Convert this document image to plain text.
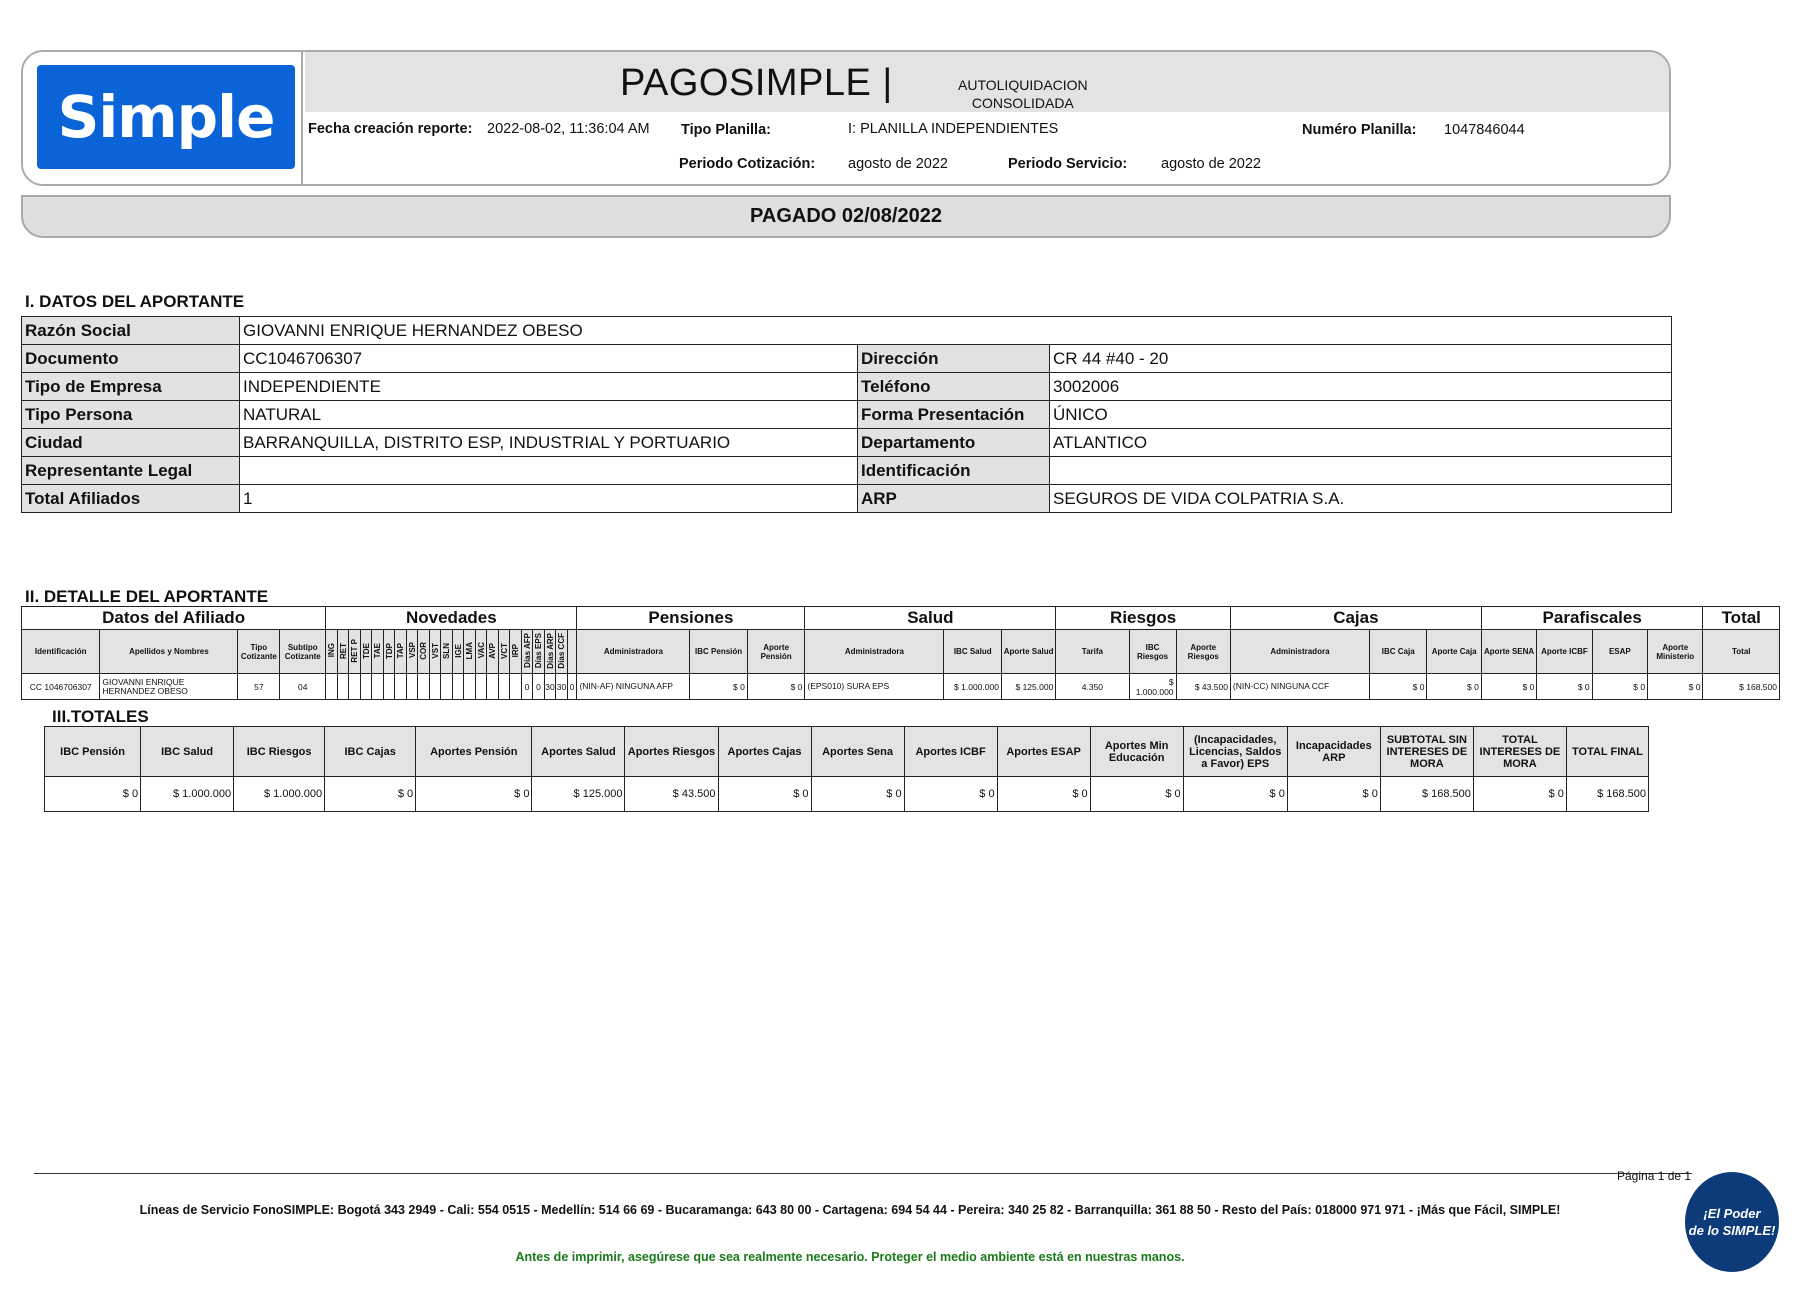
Simple	PAGOSIMPLE |	AUTOLIQUIDACION
CONSOLIDADA
Fecha creación reporte: 2022-08-02, 11:36:04 AM Tipo Planilla:	I: PLANILLA INDEPENDIENTES	Numéro Planilla: 1047846044
Periodo Cotización: agosto de 2022	Periodo Servicio: agosto de 2022
PAGADO 02/08/2022
I. DATOS DEL APORTANTE
Razón Social	GIOVANNI ENRIQUE HERNANDEZ OBESO		
Documento	CC1046706307	Dirección	CR 44 #40 - 20
Tipo de Empresa	INDEPENDIENTE	Teléfono	3002006
Tipo Persona	NATURAL	Forma Presentación	ÚNICO
Ciudad	BARRANQUILLA, DISTRITO ESP, INDUSTRIAL Y PORTUARIO	Departamento	ATLANTICO
Representante Legal		Identificación	
Total Afiliados	1	ARP	SEGUROS DE VIDA COLPATRIA S.A.
II. DETALLE DEL APORTANTE
Datos del Afiliado				Novedades																						Pensiones			Salud			Riesgos			Cajas			Parafiscales				Total
Identificación	Apellidos y Nombres	Tipo Cotizante	Subtipo Cotizante	ING	RET	RET P	TDE	TAE	TDP	TAP	VSP	COR	VST	SLN	IGE	LMA	VAC	AVP	VCT	IRP	Días AFP	Días EPS	Días ARP	Días CCF		Administradora	IBC Pensión	Aporte Pensión	Administradora	IBC Salud	Aporte Salud	Tarifa	IBC Riesgos	Aporte Riesgos	Administradora	IBC Caja	Aporte Caja	Aporte SENA	Aporte ICBF	ESAP	Aporte Ministerio	Total
CC 1046706307	GIOVANNI ENRIQUE
HERNANDEZ OBESO	57	04																		0	0	30	30	0	(NIN-AF) NINGUNA AFP	$ 0	$ 0	(EPS010) SURA EPS	$ 1.000.000	$ 125.000	4.350	$ 1.000.000	$ 43.500	(NIN-CC) NINGUNA CCF	$ 0	$ 0	$ 0	$ 0	$ 0	$ 0	$ 168.500
III.TOTALES
IBC Pensión	IBC Salud	IBC Riesgos	IBC Cajas	Aportes Pensión	Aportes Salud	Aportes Riesgos	Aportes Cajas	Aportes Sena	Aportes ICBF	Aportes ESAP	Aportes Min Educación	(Incapacidades, Licencias, Saldos a Favor) EPS	Incapacidades ARP	SUBTOTAL SIN INTERESES DE MORA	TOTAL INTERESES DE MORA	TOTAL FINAL
$ 0	$ 1.000.000	$ 1.000.000	$ 0	$ 0	$ 125.000	$ 43.500	$ 0	$ 0	$ 0	$ 0	$ 0	$ 0	$ 0	$ 168.500	$ 0	$ 168.500
Página 1 de 1
Líneas de Servicio FonoSIMPLE: Bogotá 343 2949 - Cali: 554 0515 - Medellín: 514 66 69 - Bucaramanga: 643 80 00 - Cartagena: 694 54 44 - Pereira: 340 25 82 - Barranquilla: 361 88 50 - Resto del País: 018000 971 971 - ¡Más que Fácil, SIMPLE!
Antes de imprimir, asegúrese que sea realmente necesario. Proteger el medio ambiente está en nuestras manos.
¡El Poder
de lo SIMPLE!
